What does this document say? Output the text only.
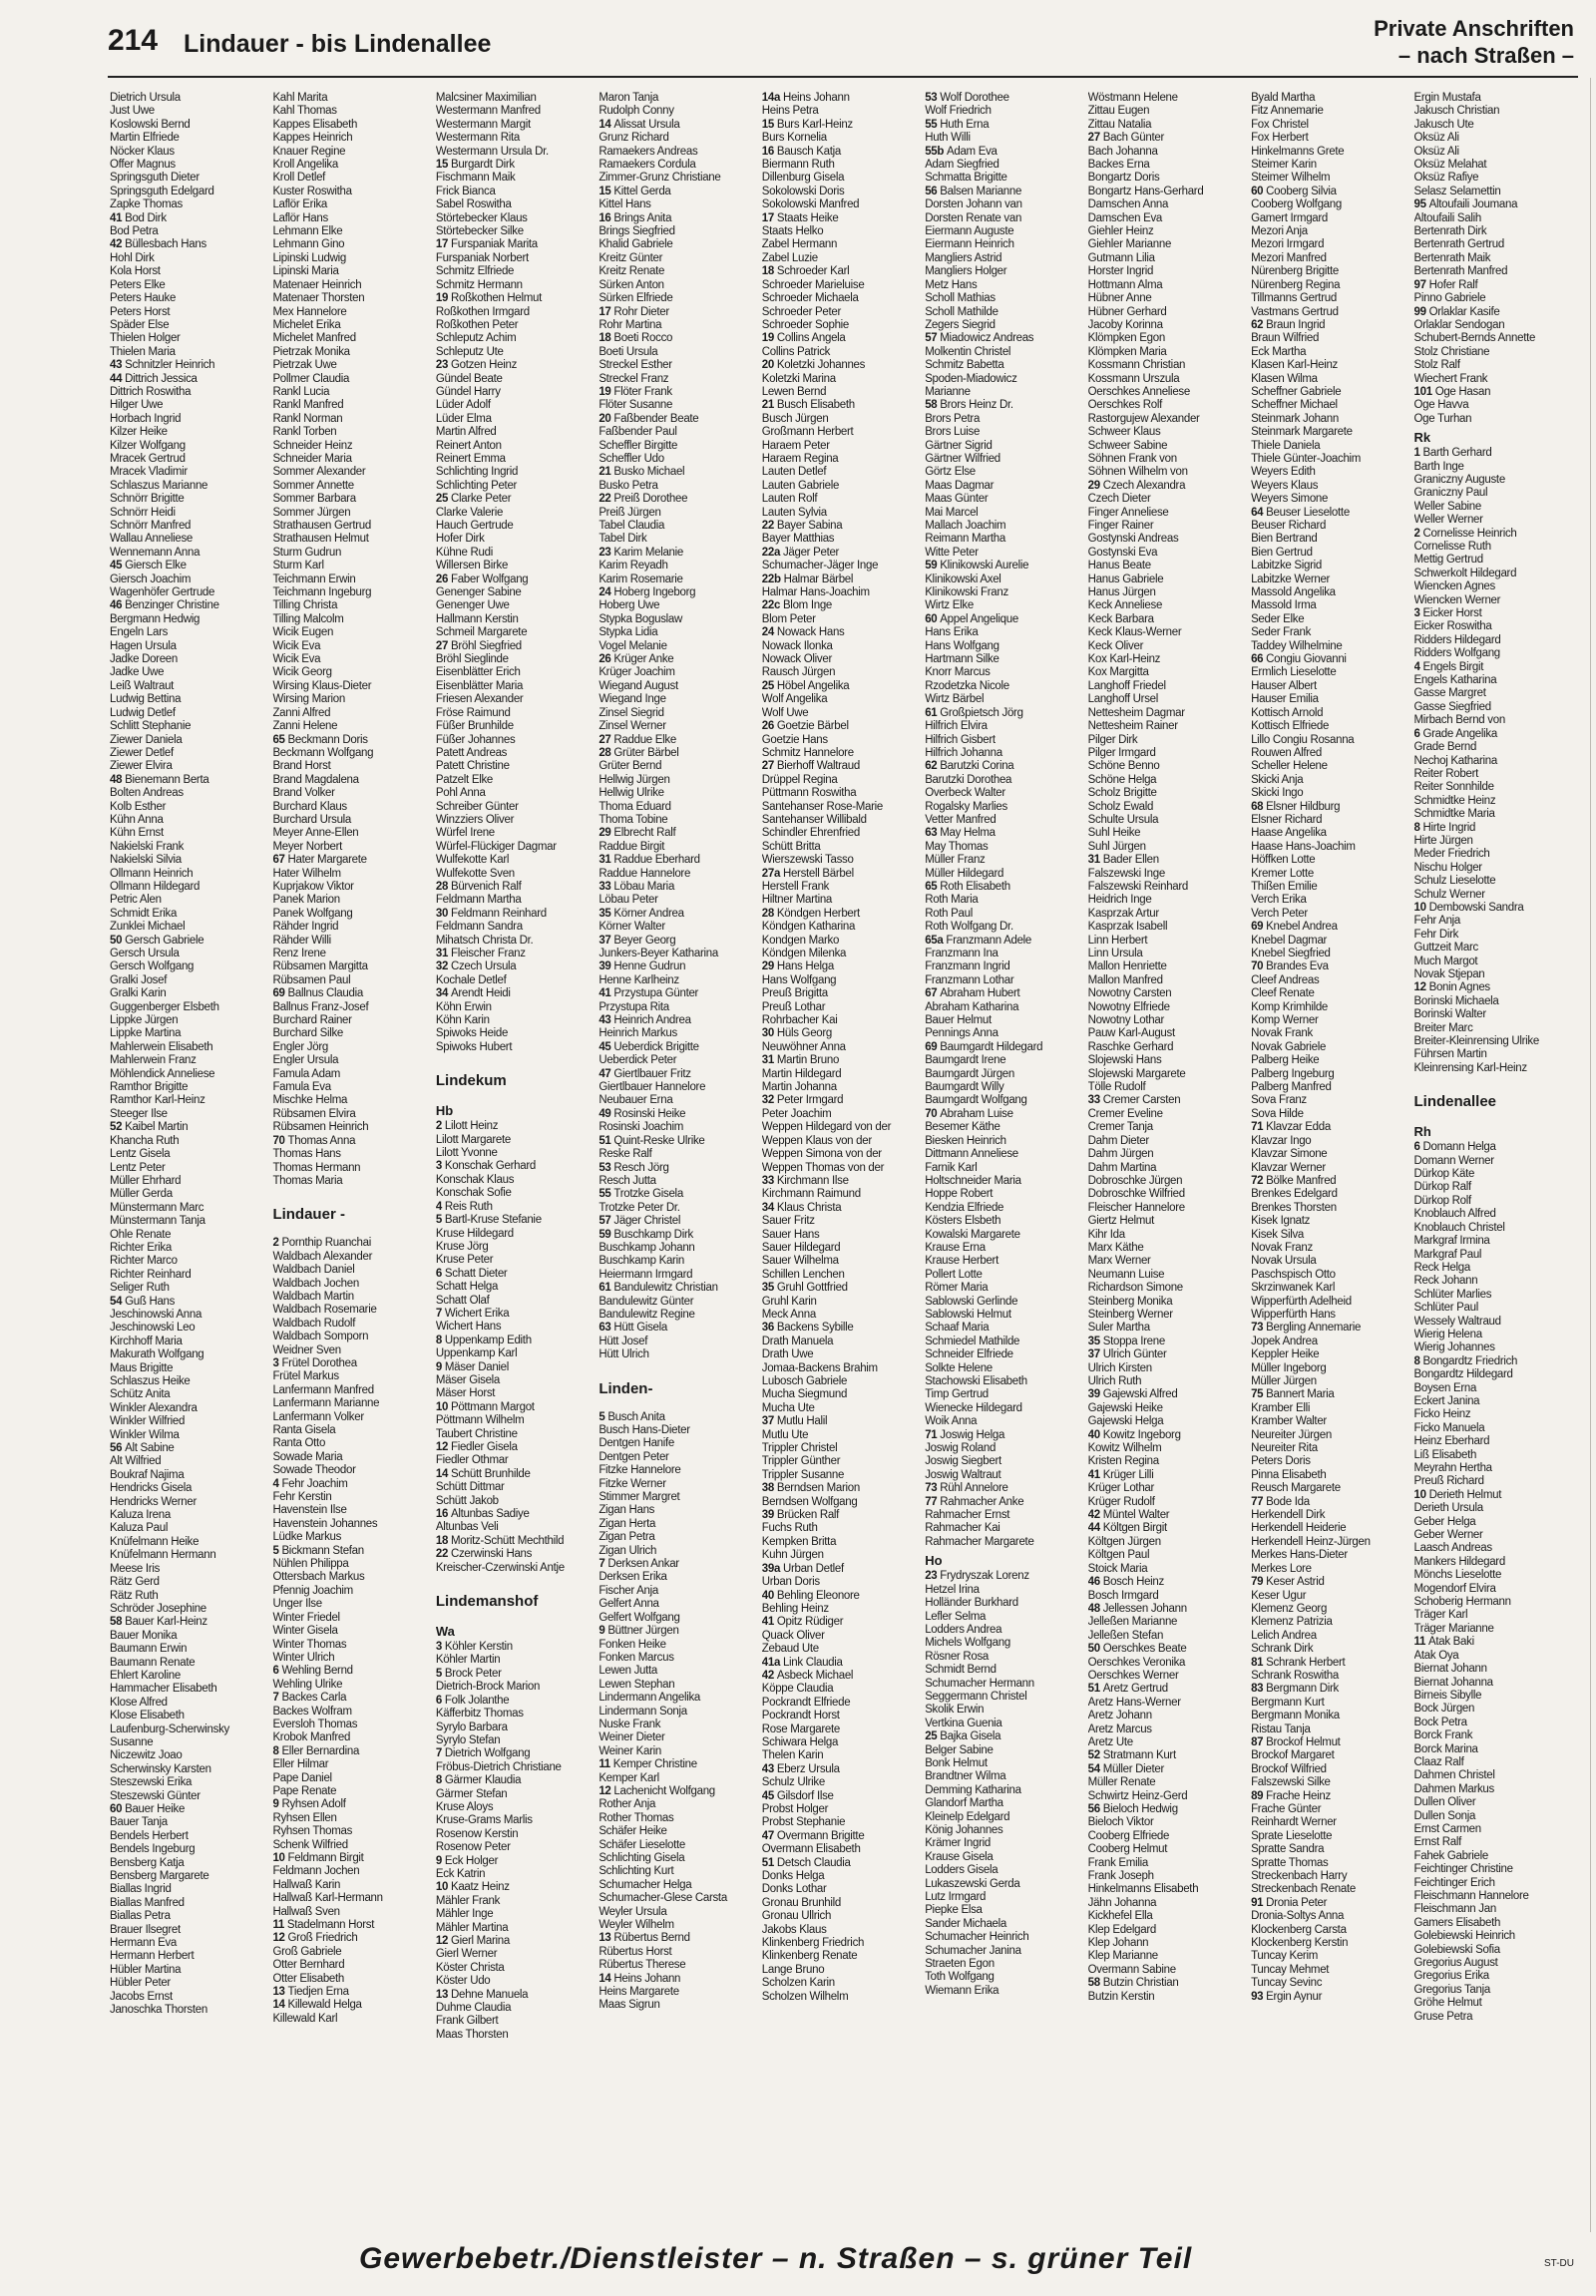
214 Lindauer - bis Lindenallee
Private Anschriften
– nach Straßen –
Dietrich Ursula
Just Uwe
Koslowski Bernd
Martin Elfriede
Nöcker Klaus
Offer Magnus
Springsguth Dieter
Springsguth Edelgard
Zapke Thomas
41 Bod Dirk
Bod Petra
42 Büllesbach Hans
Hohl Dirk
Kola Horst
Peters Elke
Peters Hauke
Peters Horst
Späder Else
Thielen Holger
Thielen Maria
43 Schnitzler Heinrich
44 Dittrich Jessica
Dittrich Roswitha
Hilger Uwe
Horbach Ingrid
Kilzer Heike
Kilzer Wolfgang
Mracek Gertrud
Mracek Vladimir
Schlaszus Marianne
Schnörr Brigitte
Schnörr Heidi
Schnörr Manfred
Wallau Anneliese
Wennemann Anna
45 Giersch Elke
Giersch Joachim
Wagenhöfer Gertrude
46 Benzinger Christine
Bergmann Hedwig
Engeln Lars
Hagen Ursula
Jadke Doreen
Jadke Uwe
Leiß Waltraut
Ludwig Bettina
Ludwig Detlef
Schlitt Stephanie
Ziewer Daniela
Ziewer Detlef
Ziewer Elvira
48 Bienemann Berta
Bolten Andreas
Kolb Esther
Kühn Anna
Kühn Ernst
Nakielski Frank
Nakielski Silvia
Ollmann Heinrich
Ollmann Hildegard
Petric Alen
Schmidt Erika
Zunklei Michael
50 Gersch Gabriele
Gersch Ursula
Gersch Wolfgang
Gralki Josef
Gralki Karin
Guggenberger Elsbeth
Lippke Jürgen
Lippke Martina
Mahlerwein Elisabeth
Mahlerwein Franz
Möhlendick Anneliese
Ramthor Brigitte
Ramthor Karl-Heinz
Steeger Ilse
52 Kaibel Martin
Khancha Ruth
Lentz Gisela
Lentz Peter
Müller Ehrhard
Müller Gerda
Münstermann Marc
Münstermann Tanja
Ohle Renate
Richter Erika
Richter Marco
Richter Reinhard
Seliger Ruth
54 Guß Hans
Jeschinowski Anna
Jeschinowski Leo
Kirchhoff Maria
Makurath Wolfgang
Maus Brigitte
Schlaszus Heike
Schütz Anita
Winkler Alexandra
Winkler Wilfried
Winkler Wilma
56 Alt Sabine
Alt Wilfried
Boukraf Najima
Hendricks Gisela
Hendricks Werner
Kaluza Irena
Kaluza Paul
Knüfelmann Heike
Knüfelmann Hermann
Meese Iris
Rätz Gerd
Rätz Ruth
Schröder Josephine
58 Bauer Karl-Heinz
Bauer Monika
Baumann Erwin
Baumann Renate
Ehlert Karoline
Hammacher Elisabeth
Klose Alfred
Klose Elisabeth
Laufenburg-Scherwinsky
Susanne
Niczewitz Joao
Scherwinsky Karsten
Steszewski Erika
Steszewski Günter
60 Bauer Heike
Bauer Tanja
Bendels Herbert
Bendels Ingeburg
Bensberg Katja
Bensberg Margarete
Biallas Ingrid
Biallas Manfred
Biallas Petra
Brauer Ilsegret
Hermann Eva
Hermann Herbert
Hübler Martina
Hübler Peter
Jacobs Ernst
Janoschka Thorsten
Kahl Marita
Kahl Thomas
Kappes Elisabeth
Kappes Heinrich
Knauer Regine
Kroll Angelika
Kroll Detlef
Kuster Roswitha
Laflör Erika
Laflör Hans
Lehmann Elke
Lehmann Gino
Lipinski Ludwig
Lipinski Maria
Matenaer Heinrich
Matenaer Thorsten
Mex Hannelore
Michelet Erika
Michelet Manfred
Pietrzak Monika
Pietrzak Uwe
Pollmer Claudia
Rankl Lucia
Rankl Manfred
Rankl Norman
Rankl Torben
Schneider Heinz
Schneider Maria
Sommer Alexander
Sommer Annette
Sommer Barbara
Sommer Jürgen
Strathausen Gertrud
Strathausen Helmut
Sturm Gudrun
Sturm Karl
Teichmann Erwin
Teichmann Ingeburg
Tilling Christa
Tilling Malcolm
Wicik Eugen
Wicik Eva
Wicik Eva
Wicik Georg
Wirsing Klaus-Dieter
Wirsing Marion
Zanni Alfred
Zanni Helene
65 Beckmann Doris
Beckmann Wolfgang
Brand Horst
Brand Magdalena
Brand Volker
Burchard Klaus
Burchard Ursula
Meyer Anne-Ellen
Meyer Norbert
67 Hater Margarete
Hater Wilhelm
Kuprjakow Viktor
Panek Marion
Panek Wolfgang
Rähder Ingrid
Rähder Willi
Renz Irene
Rübsamen Margitta
Rübsamen Paul
69 Ballnus Claudia
Ballnus Franz-Josef
Burchard Rainer
Burchard Silke
Engler Jörg
Engler Ursula
Famula Adam
Famula Eva
Mischke Helma
Rübsamen Elvira
Rübsamen Heinrich
70 Thomas Anna
Thomas Hans
Thomas Hermann
Thomas Maria
Lindauer -
2 Pornthip Ruanchai
Waldbach Alexander
Waldbach Daniel
Waldbach Jochen
Waldbach Martin
Waldbach Rosemarie
Waldbach Rudolf
Waldbach Somporn
Weidner Sven
3 Frütel Dorothea
Frütel Markus
Lanfermann Manfred
Lanfermann Marianne
Lanfermann Volker
Ranta Gisela
Ranta Otto
Sowade Maria
Sowade Theodor
4 Fehr Joachim
Fehr Kerstin
Havenstein Ilse
Havenstein Johannes
Lüdke Markus
5 Bickmann Stefan
Nühlen Philippa
Ottersbach Markus
Pfennig Joachim
Unger Ilse
Winter Friedel
Winter Gisela
Winter Thomas
Winter Ulrich
6 Wehling Bernd
Wehling Ulrike
7 Backes Carla
Backes Wolfram
Eversloh Thomas
Krobok Manfred
8 Eller Bernardina
Eller Hilmar
Pape Daniel
Pape Renate
9 Ryhsen Adolf
Ryhsen Ellen
Ryhsen Thomas
Schenk Wilfried
10 Feldmann Birgit
Feldmann Jochen
Hallwaß Karin
Hallwaß Karl-Hermann
Hallwaß Sven
11 Stadelmann Horst
12 Groß Friedrich
Groß Gabriele
Otter Bernhard
Otter Elisabeth
13 Tiedjen Erna
14 Killewald Helga
Killewald Karl
Malcsiner Maximilian
Westermann Manfred
Westermann Margit
Westermann Rita
Westermann Ursula Dr.
15 Burgardt Dirk
Fischmann Maik
Frick Bianca
Sabel Roswitha
Störtebecker Klaus
Störtebecker Silke
17 Furspaniak Marita
Furspaniak Norbert
Schmitz Elfriede
Schmitz Hermann
19 Roßkothen Helmut
Roßkothen Irmgard
Roßkothen Peter
Schleputz Achim
Schleputz Ute
23 Gotzen Heinz
Gündel Beate
Gündel Harry
Lüder Adolf
Lüder Elma
Martin Alfred
Reinert Anton
Reinert Emma
Schlichting Ingrid
Schlichting Peter
25 Clarke Peter
Clarke Valerie
Hauch Gertrude
Hofer Dirk
Kühne Rudi
Willersen Birke
26 Faber Wolfgang
Genenger Sabine
Genenger Uwe
Hallmann Kerstin
Schmeil Margarete
27 Bröhl Siegfried
Bröhl Sieglinde
Eisenblätter Erich
Eisenblätter Maria
Friesen Alexander
Fröse Raimund
Füßer Brunhilde
Füßer Johannes
Patett Andreas
Patett Christine
Patzelt Elke
Pohl Anna
Schreiber Günter
Winzziers Oliver
Würfel Irene
Würfel-Flückiger Dagmar
Wulfekotte Karl
Wulfekotte Sven
28 Bürvenich Ralf
Feldmann Martha
30 Feldmann Reinhard
Feldmann Sandra
Mihatsch Christa Dr.
31 Fleischer Franz
32 Czech Ursula
Kochale Detlef
34 Arendt Heidi
Köhn Erwin
Köhn Karin
Spiwoks Heide
Spiwoks Hubert
Lindekum
Hb
2 Lilott Heinz
Lilott Margarete
Lilott Yvonne
3 Konschak Gerhard
Konschak Klaus
Konschak Sofie
4 Reis Ruth
5 Bartl-Kruse Stefanie
Kruse Hildegard
Kruse Jörg
Kruse Peter
6 Schatt Dieter
Schatt Helga
Schatt Olaf
7 Wichert Erika
Wichert Hans
8 Uppenkamp Edith
Uppenkamp Karl
9 Mäser Daniel
Mäser Gisela
Mäser Horst
10 Pöttmann Margot
Pöttmann Wilhelm
Taubert Christine
12 Fiedler Gisela
Fiedler Othmar
14 Schütt Brunhilde
Schütt Dittmar
Schütt Jakob
16 Altunbas Sadiye
Altunbas Veli
18 Moritz-Schütt Mechthild
22 Czerwinski Hans
Kreischer-Czerwinski Antje
Lindemanshof
Wa
3 Köhler Kerstin
Köhler Martin
5 Brock Peter
Dietrich-Brock Marion
6 Folk Jolanthe
Käfferbitz Thomas
Syrylo Barbara
Syrylo Stefan
7 Dietrich Wolfgang
Fröbus-Dietrich Christiane
8 Gärmer Klaudia
Gärmer Stefan
Kruse Aloys
Kruse-Grams Marlis
Rosenow Kerstin
Rosenow Peter
9 Eck Holger
Eck Katrin
10 Kaatz Heinz
Mähler Frank
Mähler Inge
Mähler Martina
12 Gierl Marina
Gierl Werner
Köster Christa
Köster Udo
13 Dehne Manuela
Duhme Claudia
Frank Gilbert
Maas Thorsten
Maron Tanja
Rudolph Conny
14 Alissat Ursula
Grunz Richard
Ramaekers Andreas
Ramaekers Cordula
Zimmer-Grunz Christiane
15 Kittel Gerda
Kittel Hans
16 Brings Anita
Brings Siegfried
Khalid Gabriele
Kreitz Günter
Kreitz Renate
Sürken Anton
Sürken Elfriede
17 Rohr Dieter
Rohr Martina
18 Boeti Rocco
Boeti Ursula
Streckel Esther
Streckel Franz
19 Flöter Frank
Flöter Susanne
20 Faßbender Beate
Faßbender Paul
Scheffler Birgitte
Scheffler Udo
21 Busko Michael
Busko Petra
22 Preiß Dorothee
Preiß Jürgen
Tabel Claudia
Tabel Dirk
23 Karim Melanie
Karim Reyadh
Karim Rosemarie
24 Hoberg Ingeborg
Hoberg Uwe
Stypka Boguslaw
Stypka Lidia
Vogel Melanie
26 Krüger Anke
Krüger Joachim
Wiegand August
Wiegand Inge
Zinsel Siegrid
Zinsel Werner
27 Raddue Elke
28 Grüter Bärbel
Grüter Bernd
Hellwig Jürgen
Hellwig Ulrike
Thoma Eduard
Thoma Tobine
29 Elbrecht Ralf
Raddue Birgit
31 Raddue Eberhard
Raddue Hannelore
33 Löbau Maria
Löbau Peter
35 Körner Andrea
Körner Walter
37 Beyer Georg
Junkers-Beyer Katharina
39 Henne Gudrun
Henne Karlheinz
41 Przystupa Günter
Przystupa Rita
43 Heinrich Andrea
Heinrich Markus
45 Ueberdick Brigitte
Ueberdick Peter
47 Giertlbauer Fritz
Giertlbauer Hannelore
Neubauer Erna
49 Rosinski Heike
Rosinski Joachim
51 Quint-Reske Ulrike
Reske Ralf
53 Resch Jörg
Resch Jutta
55 Trotzke Gisela
Trotzke Peter Dr.
57 Jäger Christel
59 Buschkamp Dirk
Buschkamp Johann
Buschkamp Karin
Heiermann Irmgard
61 Bandulewitz Christian
Bandulewitz Günter
Bandulewitz Regine
63 Hütt Gisela
Hütt Josef
Hütt Ulrich
Linden-
5 Busch Anita
Busch Hans-Dieter
Dentgen Hanife
Dentgen Peter
Fitzke Hannelore
Fitzke Werner
Stimmer Margret
Zigan Hans
Zigan Herta
Zigan Petra
Zigan Ulrich
7 Derksen Ankar
Derksen Erika
Fischer Anja
Gelfert Anna
Gelfert Wolfgang
9 Büttner Jürgen
Fonken Heike
Fonken Marcus
Lewen Jutta
Lewen Stephan
Lindermann Angelika
Lindermann Sonja
Nuske Frank
Weiner Dieter
Weiner Karin
11 Kemper Christine
Kemper Karl
12 Lachenicht Wolfgang
Rother Anja
Rother Thomas
Schäfer Heike
Schäfer Lieselotte
Schlichting Gisela
Schlichting Kurt
Schumacher Helga
Schumacher-Glese Carsta
Weyler Ursula
Weyler Wilhelm
13 Rübertus Bernd
Rübertus Horst
Rübertus Therese
14 Heins Johann
Heins Margarete
Maas Sigrun
14a Heins Johann
Heins Petra
15 Burs Karl-Heinz
Burs Kornelia
16 Bausch Katja
Biermann Ruth
Dillenburg Gisela
Sokolowski Doris
Sokolowski Manfred
17 Staats Heike
Staats Helko
Zabel Hermann
Zabel Luzie
18 Schroeder Karl
Schroeder Marieluise
Schroeder Michaela
Schroeder Peter
Schroeder Sophie
19 Collins Angela
Collins Patrick
20 Koletzki Johannes
Koletzki Marina
Lewen Bernd
21 Busch Elisabeth
Busch Jürgen
Großmann Herbert
Haraem Peter
Haraem Regina
Lauten Detlef
Lauten Gabriele
Lauten Rolf
Lauten Sylvia
22 Bayer Sabina
Bayer Matthias
22a Jäger Peter
Schumacher-Jäger Inge
22b Halmar Bärbel
Halmar Hans-Joachim
22c Blom Inge
Blom Peter
24 Nowack Hans
Nowack Ilonka
Nowack Oliver
Rausch Jürgen
25 Höbel Angelika
Wolf Angelika
Wolf Uwe
26 Goetzie Bärbel
Goetzie Hans
Schmitz Hannelore
27 Bierhoff Waltraud
Drüppel Regina
Püttmann Roswitha
Santehanser Rose-Marie
Santehanser Willibald
Schindler Ehrenfried
Schütt Britta
Wierszewski Tasso
27a Herstell Bärbel
Herstell Frank
Hiltner Martina
28 Köndgen Herbert
Köndgen Katharina
Kondgen Marko
Köndgen Milenka
29 Hans Helga
Hans Wolfgang
Preuß Brigitta
Preuß Lothar
Rohrbacher Kai
30 Hüls Georg
Neuwöhner Anna
31 Martin Bruno
Martin Hildegard
Martin Johanna
32 Peter Irmgard
Peter Joachim
Weppen Hildegard von der
Weppen Klaus von der
Weppen Simona von der
Weppen Thomas von der
33 Kirchmann Ilse
Kirchmann Raimund
34 Klaus Christa
Sauer Fritz
Sauer Hans
Sauer Hildegard
Sauer Wilhelma
Schillen Lenchen
35 Gruhl Gottfried
Gruhl Karin
Meck Anna
36 Backens Sybille
Drath Manuela
Drath Uwe
Jomaa-Backens Brahim
Lubosch Gabriele
Mucha Siegmund
Mucha Ute
37 Mutlu Halil
Mutlu Ute
Trippler Christel
Trippler Günther
Trippler Susanne
38 Berndsen Marion
Berndsen Wolfgang
39 Brücken Ralf
Fuchs Ruth
Kempken Britta
Kuhn Jürgen
39a Urban Detlef
Urban Doris
40 Behling Eleonore
Behling Heinz
41 Opitz Rüdiger
Quack Oliver
Zebaud Ute
41a Link Claudia
42 Asbeck Michael
Köppe Claudia
Pockrandt Elfriede
Pockrandt Horst
Rose Margarete
Schiwara Helga
Thelen Karin
43 Eberz Ursula
Schulz Ulrike
45 Gilsdorf Ilse
Probst Holger
Probst Stephanie
47 Overmann Brigitte
Overmann Elisabeth
51 Detsch Claudia
Donks Helga
Donks Lothar
Gronau Brunhild
Gronau Ullrich
Jakobs Klaus
Klinkenberg Friedrich
Klinkenberg Renate
Lange Bruno
Scholzen Karin
Scholzen Wilhelm
53 Wolf Dorothee
Wolf Friedrich
55 Huth Erna
Huth Willi
55b Adam Eva
Adam Siegfried
Schmatta Brigitte
56 Balsen Marianne
Dorsten Johann van
Dorsten Renate van
Eiermann Auguste
Eiermann Heinrich
Mangliers Astrid
Mangliers Holger
Metz Hans
Scholl Mathias
Scholl Mathilde
Zegers Siegrid
57 Miadowicz Andreas
Molkentin Christel
Schmitz Babetta
Spoden-Miadowicz
Marianne
58 Brors Heinz Dr.
Brors Petra
Brors Luise
Gärtner Sigrid
Gärtner Wilfried
Görtz Else
Maas Dagmar
Maas Günter
Mai Marcel
Mallach Joachim
Reimann Martha
Witte Peter
59 Klinikowski Aurelie
Klinikowski Axel
Klinikowski Franz
Wirtz Elke
60 Appel Angelique
Hans Erika
Hans Wolfgang
Hartmann Silke
Knorr Marcus
Rzodetzka Nicole
Wirtz Bärbel
61 Großpietsch Jörg
Hilfrich Elvira
Hilfrich Gisbert
Hilfrich Johanna
62 Barutzki Corina
Barutzki Dorothea
Overbeck Walter
Rogalsky Marlies
Vetter Manfred
63 May Helma
May Thomas
Müller Franz
Müller Hildegard
65 Roth Elisabeth
Roth Maria
Roth Paul
Roth Wolfgang Dr.
65a Franzmann Adele
Franzmann Ina
Franzmann Ingrid
Franzmann Lothar
67 Abraham Hubert
Abraham Katharina
Bauer Helmut
Pennings Anna
69 Baumgardt Hildegard
Baumgardt Irene
Baumgardt Jürgen
Baumgardt Willy
Baumgardt Wolfgang
70 Abraham Luise
Besemer Käthe
Biesken Heinrich
Dittmann Anneliese
Farnik Karl
Holtschneider Maria
Hoppe Robert
Kendzia Elfriede
Kösters Elsbeth
Kowalski Margarete
Krause Erna
Krause Herbert
Pollert Lotte
Römer Maria
Sablowski Gerlinde
Sablowski Helmut
Schaaf Maria
Schmiedel Mathilde
Schneider Elfriede
Solkte Helene
Stachowski Elisabeth
Timp Gertrud
Wienecke Hildegard
Woik Anna
71 Joswig Helga
Joswig Roland
Joswig Siegbert
Joswig Waltraut
73 Rühl Annelore
77 Rahmacher Anke
Rahmacher Ernst
Rahmacher Kai
Rahmacher Margarete
Ho
23 Frydryszak Lorenz
Hetzel Irina
Holländer Burkhard
Lefler Selma
Lodders Andrea
Michels Wolfgang
Rösner Rosa
Schmidt Bernd
Schumacher Hermann
Seggermann Christel
Skolik Erwin
Vertkina Guenia
25 Bajka Gisela
Belger Sabine
Bonk Helmut
Brandtner Wilma
Demming Katharina
Glandorf Martha
Kleinelp Edelgard
König Johannes
Krämer Ingrid
Krause Gisela
Lodders Gisela
Lukaszewski Gerda
Lutz Irmgard
Piepke Elsa
Sander Michaela
Schumacher Heinrich
Schumacher Janina
Straeten Egon
Toth Wolfgang
Wiemann Erika
Wöstmann Helene
Zittau Eugen
Zittau Natalia
27 Bach Günter
Bach Johanna
Backes Erna
Bongartz Doris
Bongartz Hans-Gerhard
Damschen Anna
Damschen Eva
Giehler Heinz
Giehler Marianne
Gutmann Lilia
Horster Ingrid
Hottmann Alma
Hübner Anne
Hübner Gerhard
Jacoby Korinna
Klömpken Egon
Klömpken Maria
Kossmann Christian
Kossmann Urszula
Oerschkes Anneliese
Oerschkes Rolf
Rastorgujew Alexander
Schweer Klaus
Schweer Sabine
Söhnen Frank von
Söhnen Wilhelm von
29 Czech Alexandra
Czech Dieter
Finger Anneliese
Finger Rainer
Gostynski Andreas
Gostynski Eva
Hanus Beate
Hanus Gabriele
Hanus Jürgen
Keck Anneliese
Keck Barbara
Keck Klaus-Werner
Keck Oliver
Kox Karl-Heinz
Kox Margitta
Langhoff Friedel
Langhoff Ursel
Nettesheim Dagmar
Nettesheim Rainer
Pilger Dirk
Pilger Irmgard
Schöne Benno
Schöne Helga
Scholz Brigitte
Scholz Ewald
Schulte Ursula
Suhl Heike
Suhl Jürgen
31 Bader Ellen
Falszewski Inge
Falszewski Reinhard
Heidrich Inge
Kasprzak Artur
Kasprzak Isabell
Linn Herbert
Linn Ursula
Mallon Henriette
Mallon Manfred
Nowotny Carsten
Nowotny Elfriede
Nowotny Lothar
Pauw Karl-August
Raschke Gerhard
Slojewski Hans
Slojewski Margarete
Tölle Rudolf
33 Cremer Carsten
Cremer Eveline
Cremer Tanja
Dahm Dieter
Dahm Jürgen
Dahm Martina
Dobroschke Jürgen
Dobroschke Wilfried
Fleischer Hannelore
Giertz Helmut
Kihr Ida
Marx Käthe
Marx Werner
Neumann Luise
Richardson Simone
Steinberg Monika
Steinberg Werner
Suler Martha
35 Stoppa Irene
37 Ulrich Günter
Ulrich Kirsten
Ulrich Ruth
39 Gajewski Alfred
Gajewski Heike
Gajewski Helga
40 Kowitz Ingeborg
Kowitz Wilhelm
Kristen Regina
41 Krüger Lilli
Krüger Lothar
Krüger Rudolf
42 Müntel Walter
44 Költgen Birgit
Költgen Jürgen
Költgen Paul
Stoick Maria
46 Bosch Heinz
Bosch Irmgard
48 Jellessen Johann
Jelleßen Marianne
Jelleßen Stefan
50 Oerschkes Beate
Oerschkes Veronika
Oerschkes Werner
51 Aretz Gertrud
Aretz Hans-Werner
Aretz Johann
Aretz Marcus
Aretz Ute
52 Stratmann Kurt
54 Müller Dieter
Müller Renate
Schwirtz Heinz-Gerd
56 Bieloch Hedwig
Bieloch Viktor
Cooberg Elfriede
Cooberg Helmut
Frank Emilia
Frank Joseph
Hinkelmanns Elisabeth
Jähn Johanna
Kickhefel Ella
Klep Edelgard
Klep Johann
Klep Marianne
Overmann Sabine
58 Butzin Christian
Butzin Kerstin
Byald Martha
Fitz Annemarie
Fox Christel
Fox Herbert
Hinkelmanns Grete
Steimer Karin
Steimer Wilhelm
60 Cooberg Silvia
Cooberg Wolfgang
Gamert Irmgard
Mezori Anja
Mezori Irmgard
Mezori Manfred
Nürenberg Brigitte
Nürenberg Regina
Tillmanns Gertrud
Vastmans Gertrud
62 Braun Ingrid
Braun Wilfried
Eck Martha
Klasen Karl-Heinz
Klasen Wilma
Scheffner Gabriele
Scheffner Michael
Steinmark Johann
Steinmark Margarete
Thiele Daniela
Thiele Günter-Joachim
Weyers Edith
Weyers Klaus
Weyers Simone
64 Beuser Lieselotte
Beuser Richard
Bien Bertrand
Bien Gertrud
Labitzke Sigrid
Labitzke Werner
Massold Angelika
Massold Irma
Seder Elke
Seder Frank
Taddey Wilhelmine
66 Congiu Giovanni
Ermlich Lieselotte
Hauser Albert
Hauser Emilia
Kottisch Arnold
Kottisch Elfriede
Lillo Congiu Rosanna
Rouwen Alfred
Scheller Helene
Skicki Anja
Skicki Ingo
68 Elsner Hildburg
Elsner Richard
Haase Angelika
Haase Hans-Joachim
Höffken Lotte
Kremer Lotte
Thißen Emilie
Verch Erika
Verch Peter
69 Knebel Andrea
Knebel Dagmar
Knebel Siegfried
70 Brandes Eva
Cleef Andreas
Cleef Renate
Komp Krimhilde
Komp Werner
Novak Frank
Novak Gabriele
Palberg Heike
Palberg Ingeburg
Palberg Manfred
Sova Franz
Sova Hilde
71 Klavzar Edda
Klavzar Ingo
Klavzar Simone
Klavzar Werner
72 Bölke Manfred
Brenkes Edelgard
Brenkes Thorsten
Kisek Ignatz
Kisek Silva
Novak Franz
Novak Ursula
Paschspisch Otto
Skrzinwanek Karl
Wipperfürth Adelheid
Wipperfürth Hans
73 Bergling Annemarie
Jopek Andrea
Keppler Heike
Müller Ingeborg
Müller Jürgen
75 Bannert Maria
Kramber Elli
Kramber Walter
Neureiter Jürgen
Neureiter Rita
Peters Doris
Pinna Elisabeth
Reusch Margarete
77 Bode Ida
Herkendell Dirk
Herkendell Heiderie
Herkendell Heinz-Jürgen
Merkes Hans-Dieter
Merkes Lore
79 Keser Astrid
Keser Ugur
Klemenz Georg
Klemenz Patrizia
Lelich Andrea
Schrank Dirk
81 Schrank Herbert
Schrank Roswitha
83 Bergmann Dirk
Bergmann Kurt
Bergmann Monika
Ristau Tanja
87 Brockof Helmut
Brockof Margaret
Brockof Wilfried
Falszewski Silke
89 Frache Heinz
Frache Günter
Reinhardt Werner
Sprate Lieselotte
Spratte Sandra
Spratte Thomas
Streckenbach Harry
Streckenbach Renate
91 Dronia Peter
Dronia-Soltys Anna
Klockenberg Carsta
Klockenberg Kerstin
Tuncay Kerim
Tuncay Mehmet
Tuncay Sevinc
93 Ergin Aynur
Ergin Mustafa
Jakusch Christian
Jakusch Ute
Öksüz Ali
Öksüz Ali
Öksüz Melahat
Öksüz Rafiye
Selasz Selamettin
95 Altoufaili Joumana
Altoufaili Salih
Bertenrath Dirk
Bertenrath Gertrud
Bertenrath Maik
Bertenrath Manfred
97 Hofer Ralf
Pinno Gabriele
99 Orlaklar Kasife
Orlaklar Sendogan
Schubert-Bernds Annette
Stolz Christiane
Stolz Ralf
Wiechert Frank
101 Öge Hasan
Öge Havva
Öge Turhan
Rk
1 Barth Gerhard
Barth Inge
Graniczny Auguste
Graniczny Paul
Weller Sabine
Weller Werner
2 Cornelisse Heinrich
Cornelisse Ruth
Mettig Gertrud
Schwerkolt Hildegard
Wiencken Agnes
Wiencken Werner
3 Eicker Horst
Eicker Roswitha
Ridders Hildegard
Ridders Wolfgang
4 Engels Birgit
Engels Katharina
Gasse Margret
Gasse Siegfried
Mirbach Bernd von
6 Grade Angelika
Grade Bernd
Nechoj Katharina
Reiter Robert
Reiter Sonnhilde
Schmidtke Heinz
Schmidtke Maria
8 Hirte Ingrid
Hirte Jürgen
Meder Friedrich
Nischu Holger
Schulz Lieselotte
Schulz Werner
10 Dembowski Sandra
Fehr Anja
Fehr Dirk
Guttzeit Marc
Much Margot
Novak Stjepan
12 Bonin Agnes
Borinski Michaela
Borinski Walter
Breiter Marc
Breiter-Kleinrensing Ulrike
Führsen Martin
Kleinrensing Karl-Heinz
Lindenallee
Rh
6 Domann Helga
Domann Werner
Dürkop Käte
Dürkop Ralf
Dürkop Rolf
Knoblauch Alfred
Knoblauch Christel
Markgraf Irmina
Markgraf Paul
Reck Helga
Reck Johann
Schlüter Marlies
Schlüter Paul
Wessely Waltraud
Wierig Helena
Wierig Johannes
8 Bongardtz Friedrich
Bongardtz Hildegard
Boysen Erna
Eckert Janina
Ficko Heinz
Ficko Manuela
Heinz Eberhard
Liß Elisabeth
Meyrahn Hertha
Preuß Richard
10 Derieth Helmut
Derieth Ursula
Geber Helga
Geber Werner
Laasch Andreas
Mankers Hildegard
Mönchs Lieselotte
Mogendorf Elvira
Schoberig Hermann
Träger Karl
Träger Marianne
11 Atak Baki
Atak Oya
Biernat Johann
Biernat Johanna
Birneis Sibylle
Bock Jürgen
Bock Petra
Borck Frank
Borck Marina
Claaz Ralf
Dahmen Christel
Dahmen Markus
Dullen Oliver
Dullen Sonja
Ernst Carmen
Ernst Ralf
Fahek Gabriele
Feichtinger Christine
Feichtinger Erich
Fleischmann Hannelore
Fleischmann Jan
Gamers Elisabeth
Golebiewski Heinrich
Golebiewski Sofia
Gregorius August
Gregorius Erika
Gregorius Tanja
Gröhe Helmut
Gruse Petra
Gewerbebetr./Dienstleister – n. Straßen – s. grüner Teil	ST-DU
